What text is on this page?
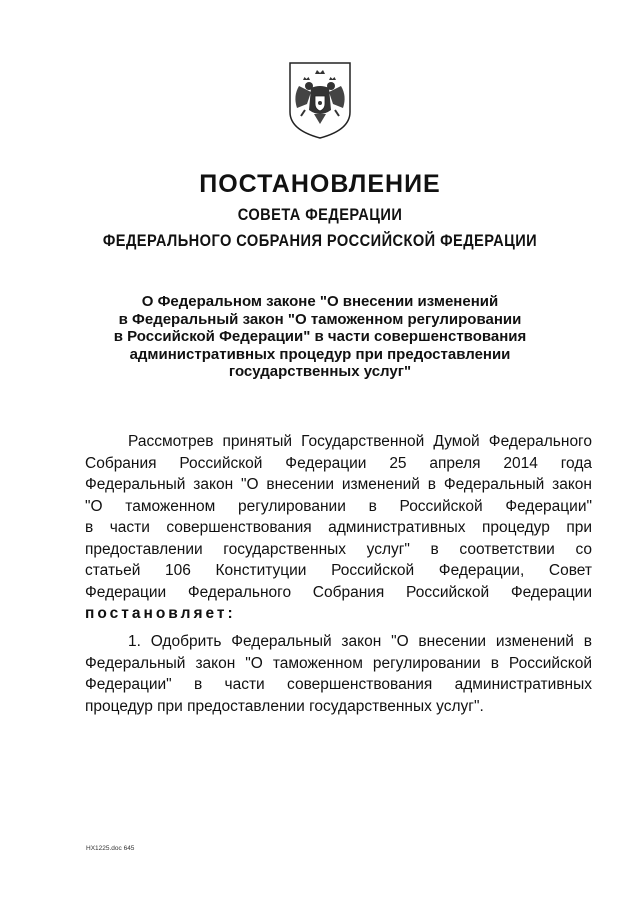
ПОСТАНОВЛЕНИЕ
СОВЕТА ФЕДЕРАЦИИ
ФЕДЕРАЛЬНОГО СОБРАНИЯ РОССИЙСКОЙ ФЕДЕРАЦИИ
О Федеральном законе "О внесении изменений
в Федеральный закон "О таможенном регулировании
в Российской Федерации" в части совершенствования
административных процедур при предоставлении
государственных услуг"
Рассмотрев принятый Государственной Думой Федерального
Собрания Российской Федерации 25 апреля 2014 года
Федеральный закон "О внесении изменений в Федеральный закон
"О таможенном регулировании в Российской Федерации"
в части совершенствования административных процедур при
предоставлении государственных услуг" в соответствии со
статьей 106 Конституции Российской Федерации, Совет
Федерации Федерального Собрания Российской Федерации
постановляет:
1. Одобрить Федеральный закон "О внесении изменений в
Федеральный закон "О таможенном регулировании в Российской
Федерации" в части совершенствования административных
процедур при предоставлении государственных услуг".
НХ1225.doc 645
